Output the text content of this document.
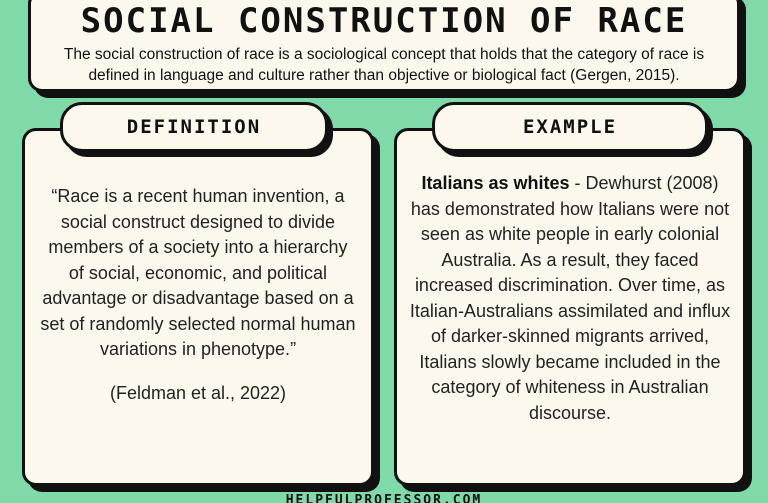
SOCIAL CONSTRUCTION OF RACE
The social construction of race is a sociological concept that holds that the category of race is defined in language and culture rather than objective or biological fact (Gergen, 2015).

“Race is a recent human invention, a social construct designed to divide members of a society into a hierarchy of social, economic, and political advantage or disadvantage based on a set of randomly selected normal human variations in phenotype.”

(Feldman et al., 2022)

DEFINITION

Italians as whites - Dewhurst (2008) has demonstrated how Italians were not seen as white people in early colonial Australia. As a result, they faced increased discrimination. Over time, as Italian-Australians assimilated and influx of darker-skinned migrants arrived, Italians slowly became included in the category of whiteness in Australian discourse.

EXAMPLE
HELPFULPROFESSOR.COM
